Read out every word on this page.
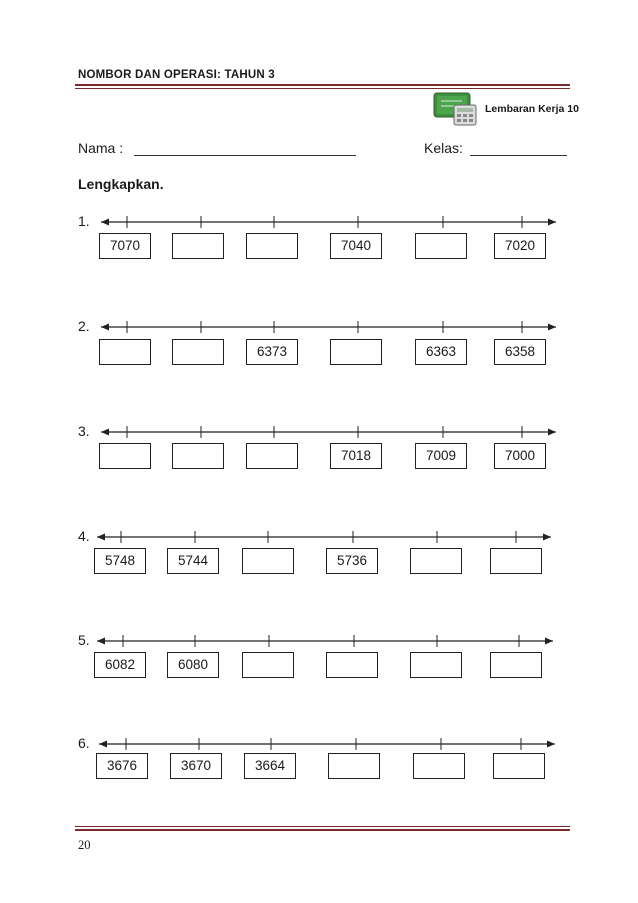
NOMBOR DAN OPERASI: TAHUN 3
Lembaran Kerja 10
Nama :	Kelas:
Lengkapkan.
1.
7070	7040	7020
2.
6373	6363	6358
3.
7018	7009	7000
4.
5748	5744	5736
5.
6082	6080
6.
3676	3670	3664
20
